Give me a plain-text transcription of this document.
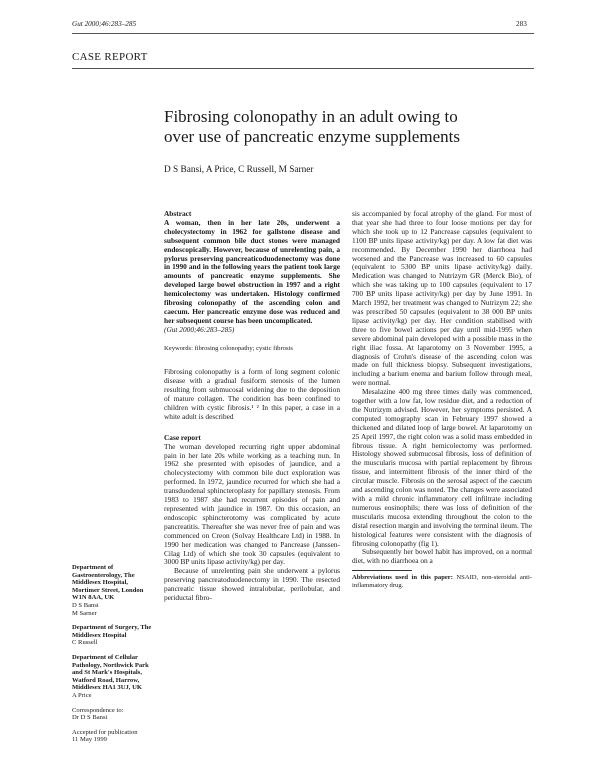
Gut 2000;46:283–285	283
CASE REPORT
Fibrosing colonopathy in an adult owing to over use of pancreatic enzyme supplements
D S Bansi, A Price, C Russell, M Sarner
Department of Gastroenterology, The Middlesex Hospital, Mortimer Street, London W1N 8AA, UK
D S Bansi
M Sarner
Department of Surgery, The Middlesex Hospital
C Russell
Department of Cellular Pathology, Northwick Park and St Mark's Hospitals, Watford Road, Harrow, Middlesex HA1 3UJ, UK
A Price
Correspondence to:
Dr D S Bansi
Accepted for publication
11 May 1999

Abstract

A woman, then in her late 20s, underwent a cholecystectomy in 1962 for gallstone disease and subsequent common bile duct stones were managed endoscopically. However, because of unrelenting pain, a pylorus preserving pancreaticoduodenectomy was done in 1990 and in the following years the patient took large amounts of pancreatic enzyme supplements. She developed large bowel obstruction in 1997 and a right hemicolectomy was undertaken. Histology confirmed fibrosing colonopathy of the ascending colon and caecum. Her pancreatic enzyme dose was reduced and her subsequent course has been uncomplicated.

(Gut 2000;46:283–285)

Keywords: fibrosing colonopathy; cystic fibrosis

Fibrosing colonopathy is a form of long segment colonic disease with a gradual fusiform stenosis of the lumen resulting from submucosal widening due to the deposition of mature collagen. The condition has been confined to children with cystic fibrosis.¹ ² In this paper, a case in a white adult is described

Case report

The woman developed recurring right upper abdominal pain in her late 20s while working as a teaching nun. In 1962 she presented with episodes of jaundice, and a cholecystectomy with common bile duct exploration was performed. In 1972, jaundice recurred for which she had a transduodenal sphincteroplasty for papillary stenosis. From 1983 to 1987 she had recurrent episodes of pain and represented with jaundice in 1987. On this occasion, an endoscopic sphincterotomy was complicated by acute pancreatitis. Thereafter she was never free of pain and was commenced on Creon (Solvay Healthcare Ltd) in 1988. In 1990 her medication was changed to Pancrease (Janssen-Cilag Ltd) of which she took 30 capsules (equivalent to 3000 BP units lipase activity/kg) per day.

Because of unrelenting pain she underwent a pylorus preserving pancreatoduodenectomy in 1990. The resected pancreatic tissue showed intralobular, perilobular, and periductal fibro-

sis accompanied by focal atrophy of the gland. For most of that year she had three to four loose motions per day for which she took up to 12 Pancrease capsules (equivalent to 1100 BP units lipase activity/kg) per day. A low fat diet was recommended. By December 1990 her diarrhoea had worsened and the Pancrease was increased to 60 capsules (equivalent to 5300 BP units lipase activity/kg) daily. Medication was changed to Nutrizym GR (Merck Bio), of which she was taking up to 100 capsules (equivalent to 17 700 BP units lipase activity/kg) per day by June 1991. In March 1992, her treatment was changed to Nutrizym 22; she was prescribed 50 capsules (equivalent to 38 000 BP units lipase activity/kg) per day. Her condition stabilised with three to five bowel actions per day until mid-1995 when severe abdominal pain developed with a possible mass in the right iliac fossa. At laparotomy on 3 November 1995, a diagnosis of Crohn's disease of the ascending colon was made on full thickness biopsy. Subsequent investigations, including a barium enema and barium follow through meal, were normal.

Mesalazine 400 mg three times daily was commenced, together with a low fat, low residue diet, and a reduction of the Nutrizym advised. However, her symptoms persisted. A computed tomography scan in February 1997 showed a thickened and dilated loop of large bowel. At laparotomy on 25 April 1997, the right colon was a solid mass embedded in fibrous tissue. A right hemicolectomy was performed. Histology showed submucosal fibrosis, loss of definition of the muscularis mucosa with partial replacement by fibrous tissue, and intermittent fibrosis of the inner third of the circular muscle. Fibrosis on the serosal aspect of the caecum and ascending colon was noted. The changes were associated with a mild chronic inflammatory cell infiltrate including numerous eosinophils; there was loss of definition of the muscularis mucosa extending throughout the colon to the distal resection margin and involving the terminal ileum. The histological features were consistent with the diagnosis of fibrosing colonopathy (fig 1).

Subsequently her bowel habit has improved, on a normal diet, with no diarrhoea on a

Abbreviations used in this paper: NSAID, non-steroidal anti-inflammatory drug.
